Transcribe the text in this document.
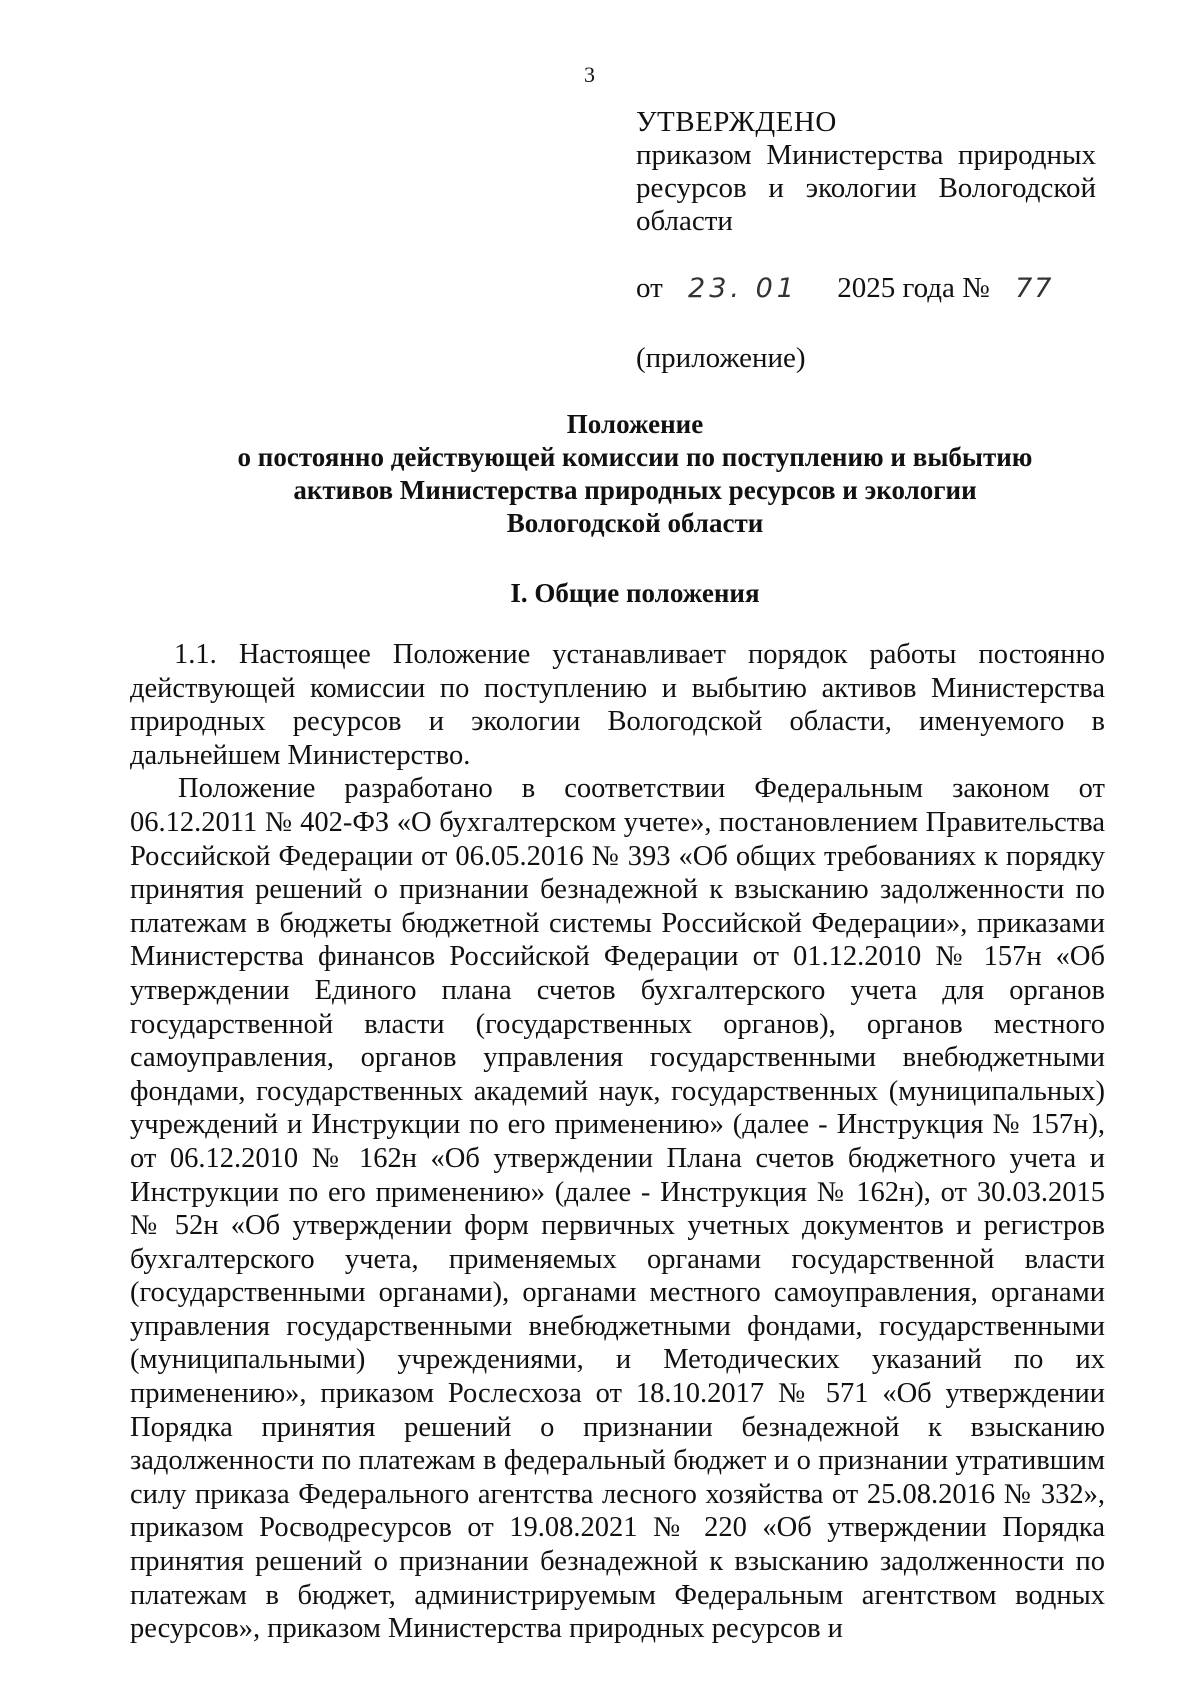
3
УТВЕРЖДЕНО
приказом Министерства природных ресурсов и экологии Вологодской области
от 23. 01 2025 года № 77
(приложение)
Положение
о постоянно действующей комиссии по поступлению и выбытию
активов Министерства природных ресурсов и экологии
Вологодской области
I. Общие положения

1.1. Настоящее Положение устанавливает порядок работы постоянно действующей комиссии по поступлению и выбытию активов Министерства природных ресурсов и экологии Вологодской области, именуемого в дальнейшем Министерство.

Положение разработано в соответствии Федеральным законом от 06.12.2011 № 402-ФЗ «О бухгалтерском учете», постановлением Правительства Российской Федерации от 06.05.2016 № 393 «Об общих требованиях к порядку принятия решений о признании безнадежной к взысканию задолженности по платежам в бюджеты бюджетной системы Российской Федерации», приказами Министерства финансов Российской Федерации от 01.12.2010 № 157н «Об утверждении Единого плана счетов бухгалтерского учета для органов государственной власти (государственных органов), органов местного самоуправления, органов управления государственными внебюджетными фондами, государственных академий наук, государственных (муниципальных) учреждений и Инструкции по его применению» (далее - Инструкция № 157н), от 06.12.2010 № 162н «Об утверждении Плана счетов бюджетного учета и Инструкции по его применению» (далее - Инструкция № 162н), от 30.03.2015 № 52н «Об утверждении форм первичных учетных документов и регистров бухгалтерского учета, применяемых органами государственной власти (государственными органами), органами местного самоуправления, органами управления государственными внебюджетными фондами, государственными (муниципальными) учреждениями, и Методических указаний по их применению», приказом Рослесхоза от 18.10.2017 № 571 «Об утверждении Порядка принятия решений о признании безнадежной к взысканию задолженности по платежам в федеральный бюджет и о признании утратившим силу приказа Федерального агентства лесного хозяйства от 25.08.2016 № 332», приказом Росводресурсов от 19.08.2021 № 220 «Об утверждении Порядка принятия решений о признании безнадежной к взысканию задолженности по платежам в бюджет, администрируемым Федеральным агентством водных ресурсов», приказом Министерства природных ресурсов и
